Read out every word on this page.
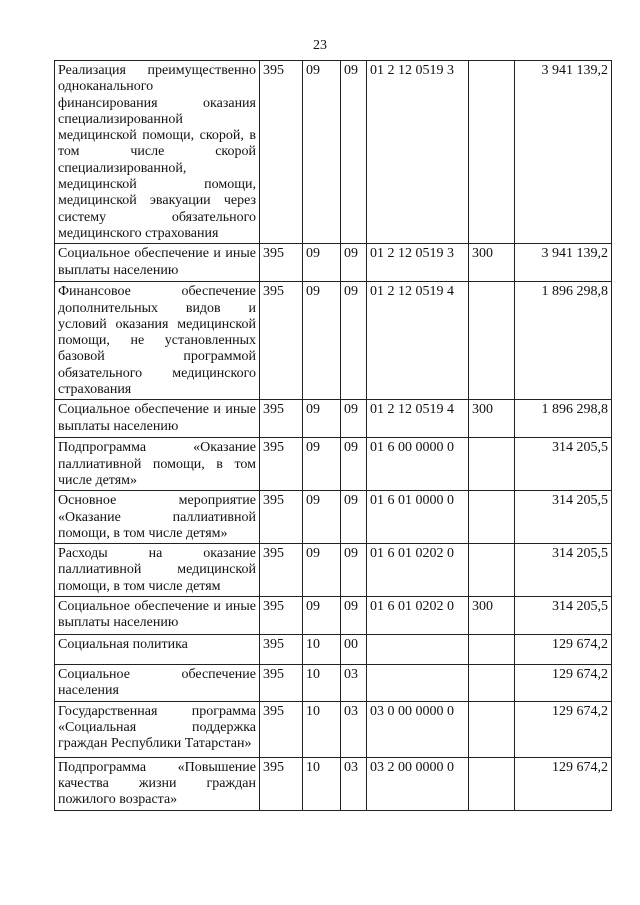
23
Реализация преимущественно одноканального финансирования оказания специализированной медицинской помощи, скорой, в том числе скорой специализированной, медицинской помощи, медицинской эвакуации через систему обязательного медицинского страхования	395	09	09	01 2 12 0519 3		3 941 139,2
Социальное обеспечение и иные выплаты населению	395	09	09	01 2 12 0519 3	300	3 941 139,2
Финансовое обеспечение дополнительных видов и условий оказания медицинской помощи, не установленных базовой программой обязательного медицинского страхования	395	09	09	01 2 12 0519 4		1 896 298,8
Социальное обеспечение и иные выплаты населению	395	09	09	01 2 12 0519 4	300	1 896 298,8
Подпрограмма «Оказание паллиативной помощи, в том числе детям»	395	09	09	01 6 00 0000 0		314 205,5
Основное мероприятие «Оказание паллиативной помощи, в том числе детям»	395	09	09	01 6 01 0000 0		314 205,5
Расходы на оказание паллиативной медицинской помощи, в том числе детям	395	09	09	01 6 01 0202 0		314 205,5
Социальное обеспечение и иные выплаты населению	395	09	09	01 6 01 0202 0	300	314 205,5
Социальная политика	395	10	00			129 674,2
Социальное обеспечение населения	395	10	03			129 674,2
Государственная программа «Социальная поддержка граждан Республики Татарстан»	395	10	03	03 0 00 0000 0		129 674,2
Подпрограмма «Повышение качества жизни граждан пожилого возраста»	395	10	03	03 2 00 0000 0		129 674,2
